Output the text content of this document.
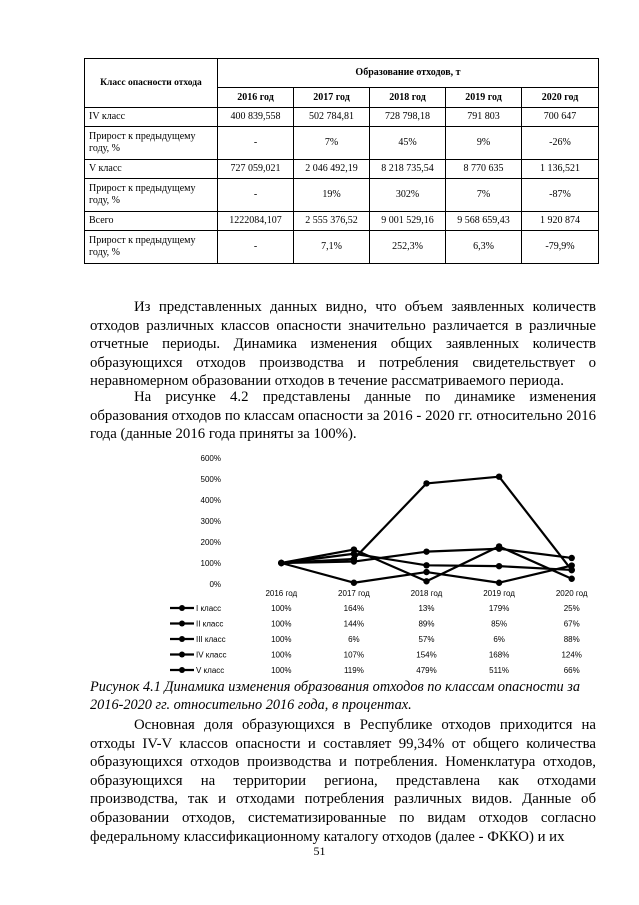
Класс опасности отхода	Образование отходов, т				
	2016 год	2017 год	2018 год	2019 год	2020 год
IV класс	400 839,558	502 784,81	728 798,18	791 803	700 647
Прирост к предыдущему году, %	-	7%	45%	9%	-26%
V класс	727 059,021	2 046 492,19	8 218 735,54	8 770 635	1 136,521
Прирост к предыдущему году, %	-	19%	302%	7%	-87%
Всего	1222084,107	2 555 376,52	9 001 529,16	9 568 659,43	1 920 874
Прирост к предыдущему году, %	-	7,1%	252,3%	6,3%	-79,9%

Из представленных данных видно, что объем заявленных количеств отходов различных классов опасности значительно различается в различные отчетные периоды. Динамика изменения общих заявленных количеств образующихся отходов производства и потребления свидетельствует о неравномерном образовании отходов в течение рассматриваемого периода.

На рисунке 4.2 представлены данные по динамике изменения образования отходов по классам опасности за 2016 - 2020 гг. относительно 2016 года (данные 2016 года приняты за 100%).

0%
100%
200%
300%
400%
500%
600%
2016 год	2017 год	2018 год	2019 год	2020 год
I класс	100%	164%	13%	179%	25%
II класс	100%	144%	89%	85%	67%
III класс	100%	6%	57%	6%	88%
IV класс	100%	107%	154%	168%	124%
V класс	100%	119%	479%	511%	66%

Рисунок 4.1 Динамика изменения образования отходов по классам опасности за 2016-2020 гг. относительно 2016 года, в процентах.

Основная доля образующихся в Республике отходов приходится на отходы IV-V классов опасности и составляет 99,34% от общего количества образующихся отходов производства и потребления. Номенклатура отходов, образующихся на территории региона, представлена как отходами производства, так и отходами потребления различных видов. Данные об образовании отходов, систематизированные по видам отходов согласно федеральному классификационному каталогу отходов (далее - ФККО) и их

51
